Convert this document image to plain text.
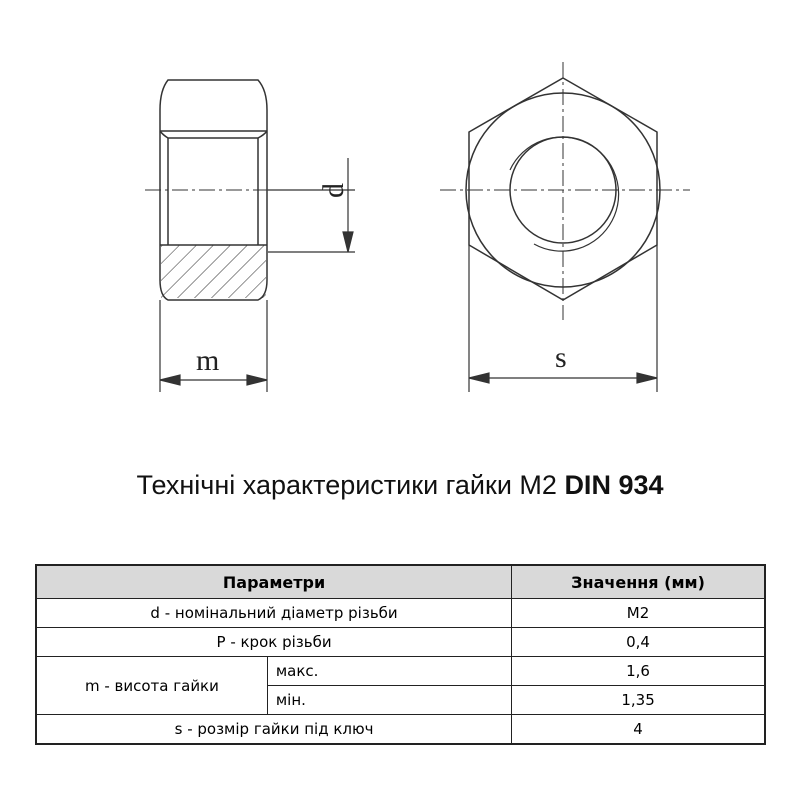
d
m	s
Технічні характеристики гайки М2 DIN 934
Параметри		Значення (мм)
d - номінальний діаметр різьби		М2
P - крок різьби		0,4
m - висота гайки	макс.	1,6
	мін.	1,35
s - розмір гайки під ключ		4
